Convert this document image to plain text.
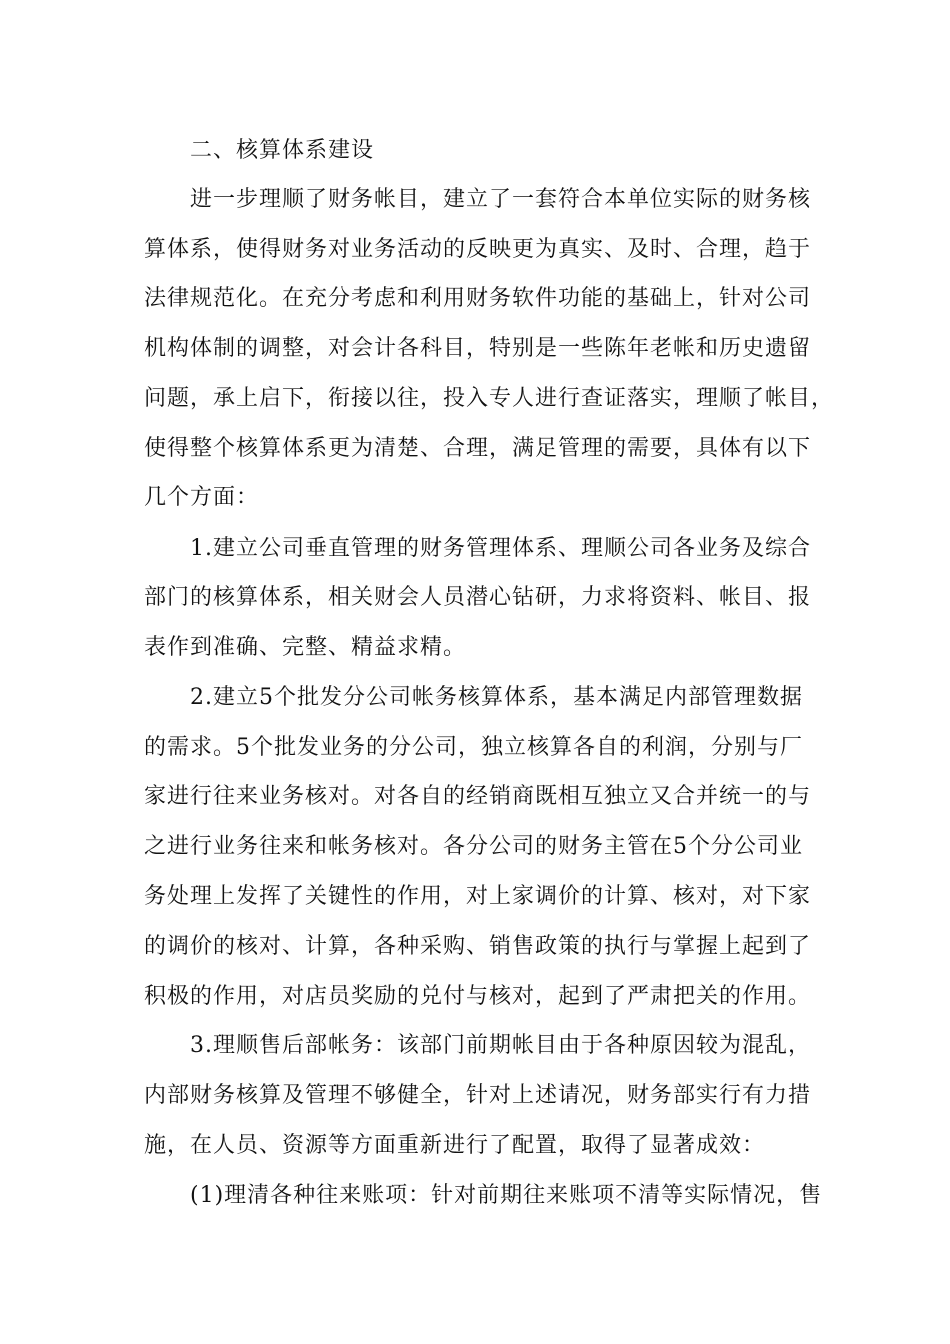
二、核算体系建设

进一步理顺了财务帐目，建立了一套符合本单位实际的财务核

算体系，使得财务对业务活动的反映更为真实、及时、合理，趋于

法律规范化。在充分考虑和利用财务软件功能的基础上，针对公司

机构体制的调整，对会计各科目，特别是一些陈年老帐和历史遗留

问题，承上启下，衔接以往，投入专人进行查证落实，理顺了帐目，

使得整个核算体系更为清楚、合理，满足管理的需要，具体有以下

几个方面：

1.建立公司垂直管理的财务管理体系、理顺公司各业务及综合

部门的核算体系，相关财会人员潜心钻研，力求将资料、帐目、报

表作到准确、完整、精益求精。

2.建立5个批发分公司帐务核算体系，基本满足内部管理数据

的需求。5个批发业务的分公司，独立核算各自的利润，分别与厂

家进行往来业务核对。对各自的经销商既相互独立又合并统一的与

之进行业务往来和帐务核对。各分公司的财务主管在5个分公司业

务处理上发挥了关键性的作用，对上家调价的计算、核对，对下家

的调价的核对、计算，各种采购、销售政策的执行与掌握上起到了

积极的作用，对店员奖励的兑付与核对，起到了严肃把关的作用。

3.理顺售后部帐务：该部门前期帐目由于各种原因较为混乱，

内部财务核算及管理不够健全，针对上述请况，财务部实行有力措

施，在人员、资源等方面重新进行了配置，取得了显著成效：

(1)理清各种往来账项：针对前期往来账项不清等实际情况，售
